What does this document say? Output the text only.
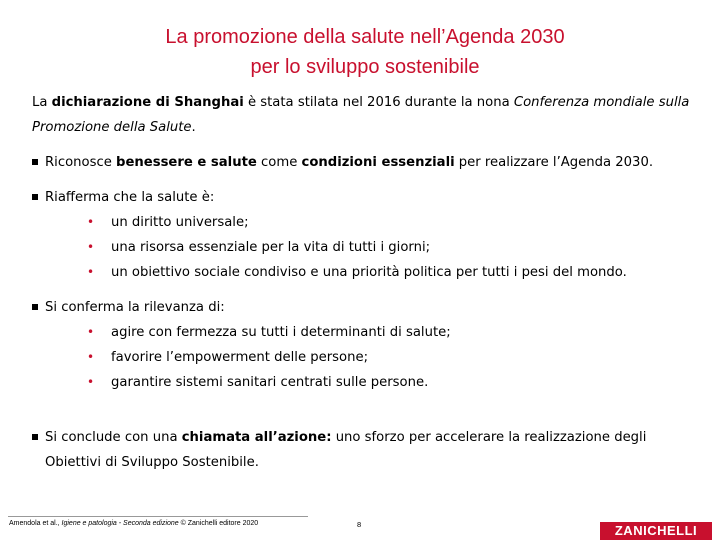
La promozione della salute nell’Agenda 2030
per lo sviluppo sostenibile

La dichiarazione di Shanghai è stata stilata nel 2016 durante la nona Conferenza mondiale sulla Promozione della Salute.

Riconosce benessere e salute come condizioni essenziali per realizzare l’Agenda 2030.

Riafferma che la salute è:

• un diritto universale;

• una risorsa essenziale per la vita di tutti i giorni;

• un obiettivo sociale condiviso e una priorità politica per tutti i pesi del mondo.

Si conferma la rilevanza di:

• agire con fermezza su tutti i determinanti di salute;

• favorire l’empowerment delle persone;

• garantire sistemi sanitari centrati sulle persone.

Si conclude con una chiamata all’azione: uno sforzo per accelerare la realizzazione degli Obiettivi di Sviluppo Sostenibile.

Amendola et al., Igiene e patologia - Seconda edizione © Zanichelli editore 2020	8	ZANICHELLI
